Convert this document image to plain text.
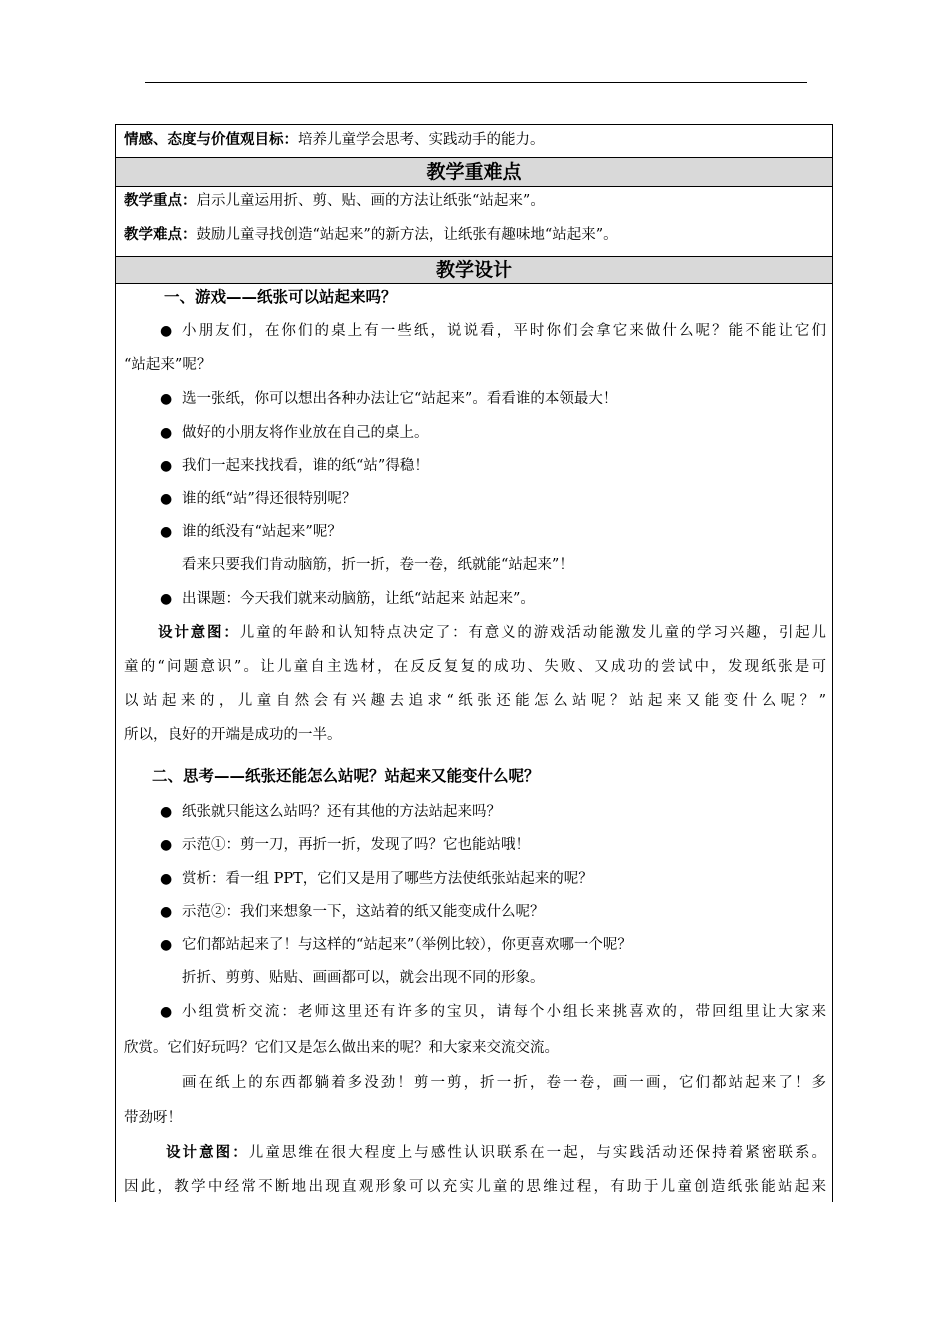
情感、态度与价值观目标：培养儿童学会思考、实践动手的能力。
教学重难点
教学重点：启示儿童运用折、剪、贴、画的方法让纸张“站起来”。
教学难点：鼓励儿童寻找创造“站起来”的新方法，让纸张有趣味地“站起来”。
教学设计
一、游戏——纸张可以站起来吗？
● 小朋友们，在你们的桌上有一些纸，说说看，平时你们会拿它来做什么呢？能不能让它们
“站起来”呢？
● 选一张纸，你可以想出各种办法让它“站起来”。看看谁的本领最大！
● 做好的小朋友将作业放在自己的桌上。
● 我们一起来找找看，谁的纸“站”得稳！
● 谁的纸“站”得还很特别呢？
● 谁的纸没有“站起来”呢？
看来只要我们肯动脑筋，折一折，卷一卷，纸就能“站起来”！
● 出课题：今天我们就来动脑筋，让纸“站起来 站起来”。
设计意图：儿童的年龄和认知特点决定了：有意义的游戏活动能激发儿童的学习兴趣，引起儿
童的“问题意识”。让儿童自主选材，在反反复复的成功、失败、又成功的尝试中，发现纸张是可
以站起来的，儿童自然会有兴趣去追求“纸张还能怎么站呢？站起来又能变什么呢？”
所以，良好的开端是成功的一半。
二、思考——纸张还能怎么站呢？站起来又能变什么呢？
● 纸张就只能这么站吗？还有其他的方法站起来吗？
● 示范①：剪一刀，再折一折，发现了吗？它也能站哦！
● 赏析：看一组 PPT，它们又是用了哪些方法使纸张站起来的呢？
● 示范②：我们来想象一下，这站着的纸又能变成什么呢？
● 它们都站起来了！与这样的“站起来”（举例比较），你更喜欢哪一个呢？
折折、剪剪、贴贴、画画都可以，就会出现不同的形象。
● 小组赏析交流：老师这里还有许多的宝贝，请每个小组长来挑喜欢的，带回组里让大家来
欣赏。它们好玩吗？它们又是怎么做出来的呢？和大家来交流交流。
画在纸上的东西都躺着多没劲！剪一剪，折一折，卷一卷，画一画，它们都站起来了！多
带劲呀！
设计意图：儿童思维在很大程度上与感性认识联系在一起，与实践活动还保持着紧密联系。
因此，教学中经常不断地出现直观形象可以充实儿童的思维过程，有助于儿童创造纸张能站起来
